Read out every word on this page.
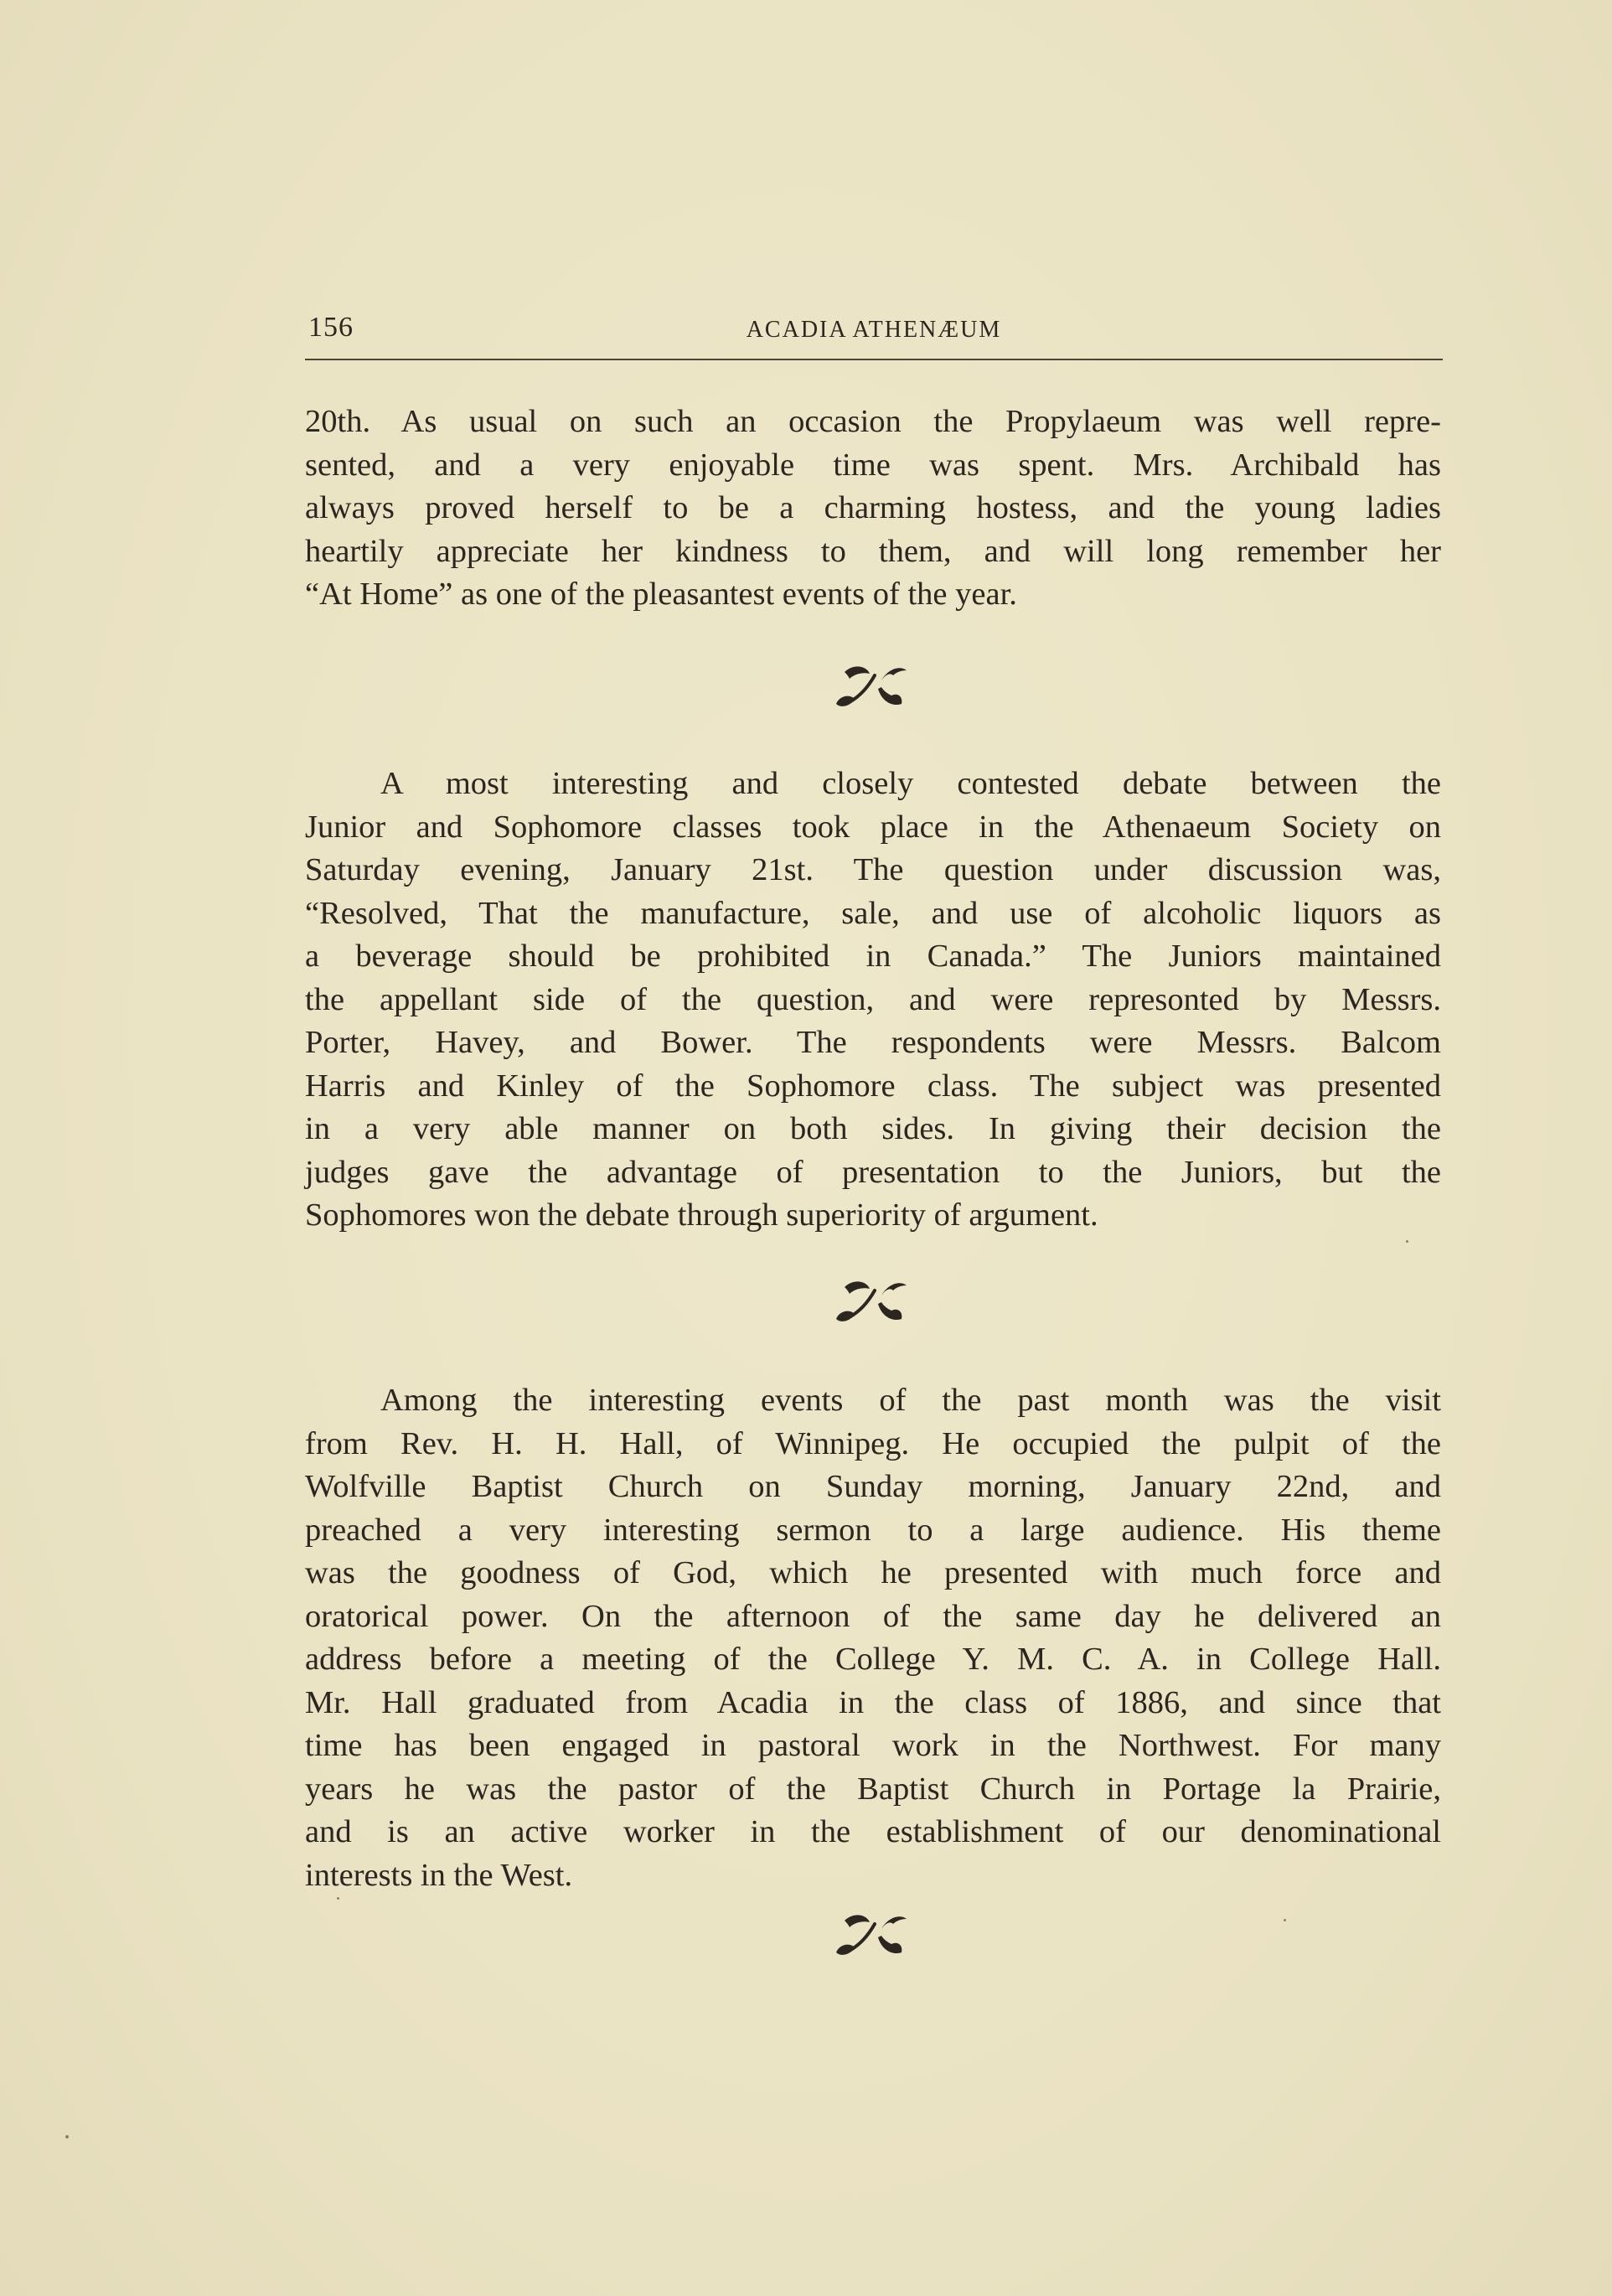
156	ACADIA ATHENÆUM
20th. As usual on such an occasion the Propylaeum was well repre-
sented, and a very enjoyable time was spent. Mrs. Archibald has
always proved herself to be a charming hostess, and the young ladies
heartily appreciate her kindness to them, and will long remember her
“At Home” as one of the pleasantest events of the year.
A most interesting and closely contested debate between the
Junior and Sophomore classes took place in the Athenaeum Society on
Saturday evening, January 21st. The question under discussion was,
“Resolved, That the manufacture, sale, and use of alcoholic liquors as
a beverage should be prohibited in Canada.” The Juniors maintained
the appellant side of the question, and were represonted by Messrs.
Porter, Havey, and Bower. The respondents were Messrs. Balcom
Harris and Kinley of the Sophomore class. The subject was presented
in a very able manner on both sides. In giving their decision the
judges gave the advantage of presentation to the Juniors, but the
Sophomores won the debate through superiority of argument.
Among the interesting events of the past month was the visit
from Rev. H. H. Hall, of Winnipeg. He occupied the pulpit of the
Wolfville Baptist Church on Sunday morning, January 22nd, and
preached a very interesting sermon to a large audience. His theme
was the goodness of God, which he presented with much force and
oratorical power. On the afternoon of the same day he delivered an
address before a meeting of the College Y. M. C. A. in College Hall.
Mr. Hall graduated from Acadia in the class of 1886, and since that
time has been engaged in pastoral work in the Northwest. For many
years he was the pastor of the Baptist Church in Portage la Prairie,
and is an active worker in the establishment of our denominational
interests in the West.
